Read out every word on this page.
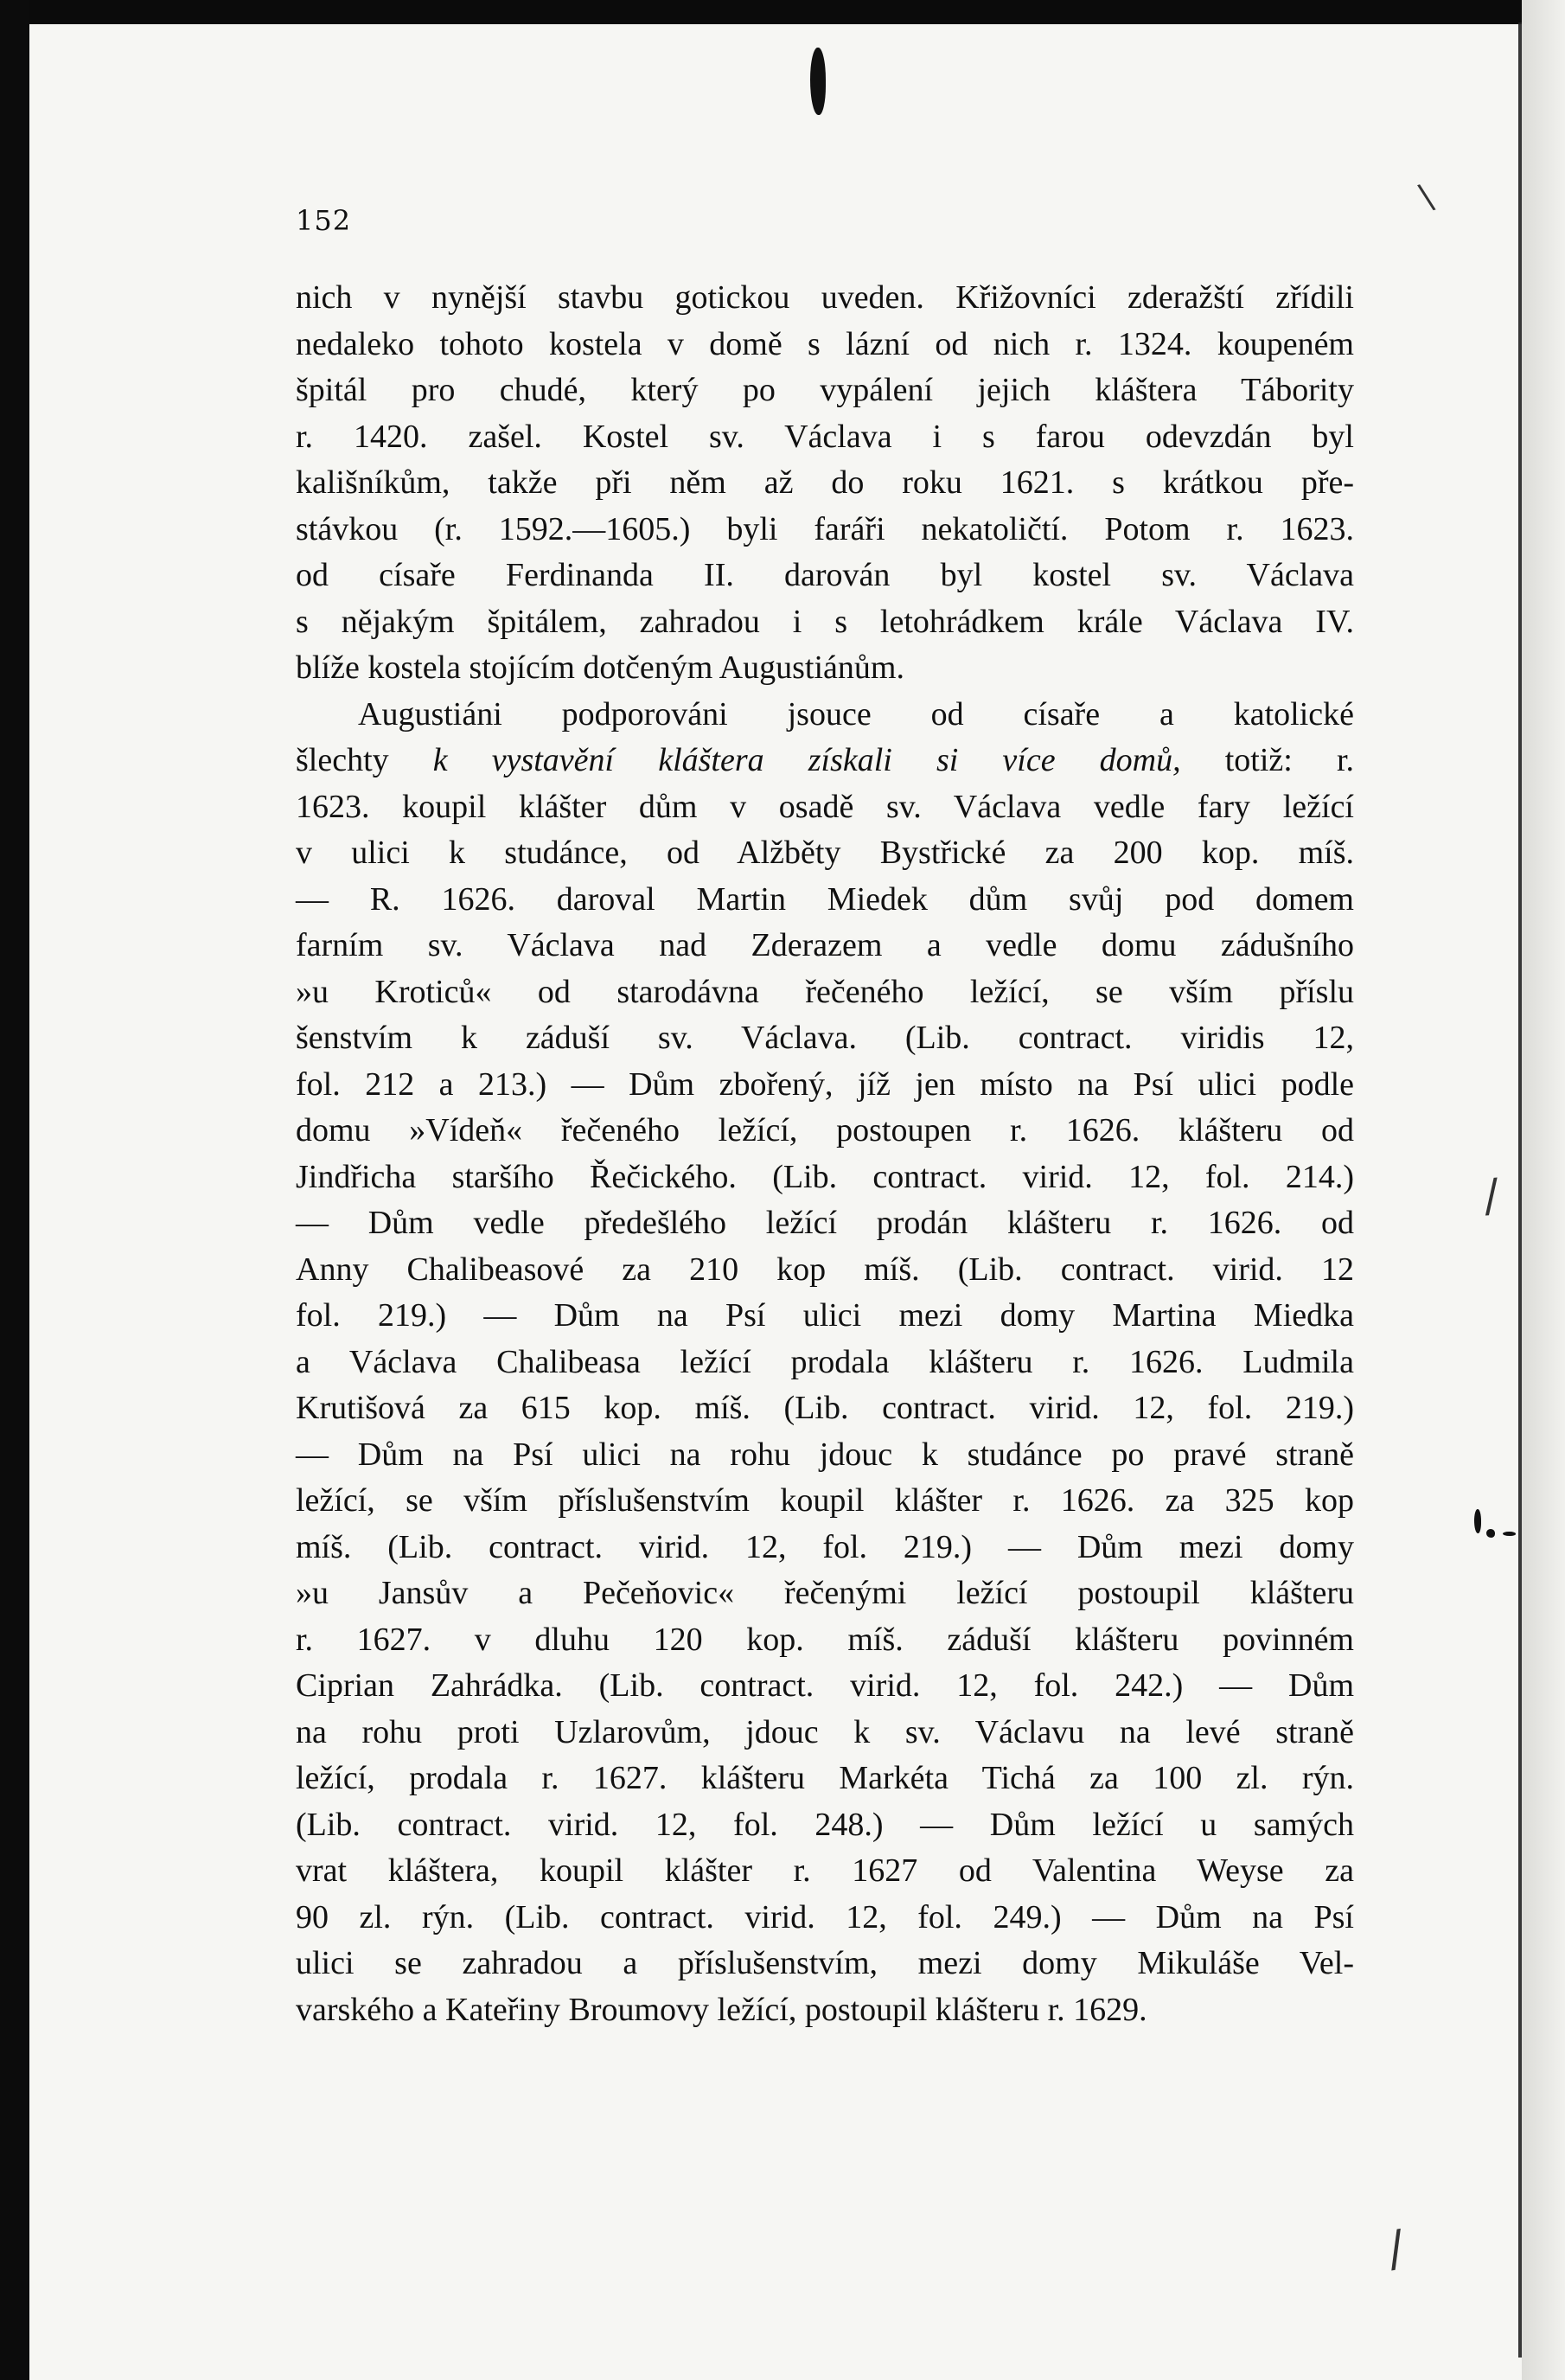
\
/
/
152
nich v nynější stavbu gotickou uveden. Křižovníci zderažští zřídili
nedaleko tohoto kostela v domě s lázní od nich r. 1324. koupeném
špitál pro chudé, který po vypálení jejich kláštera Tábority
r. 1420. zašel. Kostel sv. Václava i s farou odevzdán byl
kališníkům, takže při něm až do roku 1621. s krátkou pře-
stávkou (r. 1592.—1605.) byli faráři nekatoličtí. Potom r. 1623.
od císaře Ferdinanda II. darován byl kostel sv. Václava
s nějakým špitálem, zahradou i s letohrádkem krále Václava IV.
blíže kostela stojícím dotčeným Augustiánům.
Augustiáni podporováni jsouce od císaře a katolické
šlechty k vystavění kláštera získali si více domů, totiž: r.
1623. koupil klášter dům v osadě sv. Václava vedle fary ležící
v ulici k studánce, od Alžběty Bystřické za 200 kop. míš.
— R. 1626. daroval Martin Miedek dům svůj pod domem
farním sv. Václava nad Zderazem a vedle domu zádušního
»u Kroticů« od starodávna řečeného ležící, se vším příslu
šenstvím k záduší sv. Václava. (Lib. contract. viridis 12,
fol. 212 a 213.) — Dům zbořený, jíž jen místo na Psí ulici podle
domu »Vídeň« řečeného ležící, postoupen r. 1626. klášteru od
Jindřicha staršího Řečického. (Lib. contract. virid. 12, fol. 214.)
— Dům vedle předešlého ležící prodán klášteru r. 1626. od
Anny Chalibeasové za 210 kop míš. (Lib. contract. virid. 12
fol. 219.) — Dům na Psí ulici mezi domy Martina Miedka
a Václava Chalibeasa ležící prodala klášteru r. 1626. Ludmila
Krutišová za 615 kop. míš. (Lib. contract. virid. 12, fol. 219.)
— Dům na Psí ulici na rohu jdouc k studánce po pravé straně
ležící, se vším příslušenstvím koupil klášter r. 1626. za 325 kop
míš. (Lib. contract. virid. 12, fol. 219.) — Dům mezi domy
»u Jansův a Pečeňovic« řečenými ležící postoupil klášteru
r. 1627. v dluhu 120 kop. míš. záduší klášteru povinném
Ciprian Zahrádka. (Lib. contract. virid. 12, fol. 242.) — Dům
na rohu proti Uzlarovům, jdouc k sv. Václavu na levé straně
ležící, prodala r. 1627. klášteru Markéta Tichá za 100 zl. rýn.
(Lib. contract. virid. 12, fol. 248.) — Dům ležící u samých
vrat kláštera, koupil klášter r. 1627 od Valentina Weyse za
90 zl. rýn. (Lib. contract. virid. 12, fol. 249.) — Dům na Psí
ulici se zahradou a příslušenstvím, mezi domy Mikuláše Vel-
varského a Kateřiny Broumovy ležící, postoupil klášteru r. 1629.
